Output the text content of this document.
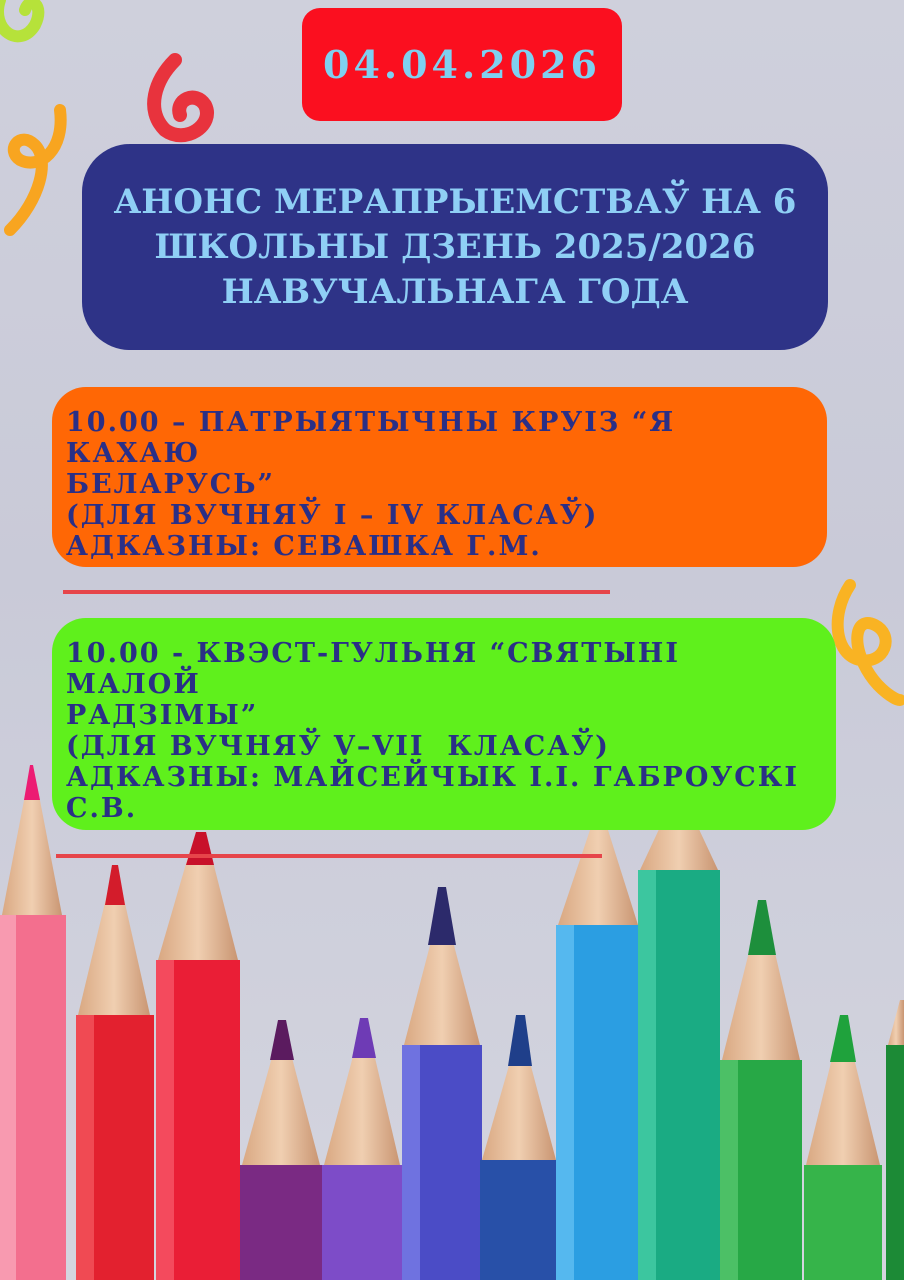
04.04.2026
АНОНС МЕРАПРЫЕМСТВАЎ НА 6
ШКОЛЬНЫ ДЗЕНЬ 2025/2026
НАВУЧАЛЬНАГА ГОДА
10.00 – ПАТРЫЯТЫЧНЫ КРУІЗ “Я КАХАЮ
БЕЛАРУСЬ”
(ДЛЯ ВУЧНЯЎ I – IV КЛАСАЎ)
АДКАЗНЫ: СЕВАШКА Г.М.
10.00 - КВЭСТ-ГУЛЬНЯ “СВЯТЫНІ МАЛОЙ
РАДЗІМЫ”
(ДЛЯ ВУЧНЯЎ V–VII  КЛАСАЎ)
АДКАЗНЫ: МАЙСЕЙЧЫК І.І. ГАБРОУСКІ
С.В.
